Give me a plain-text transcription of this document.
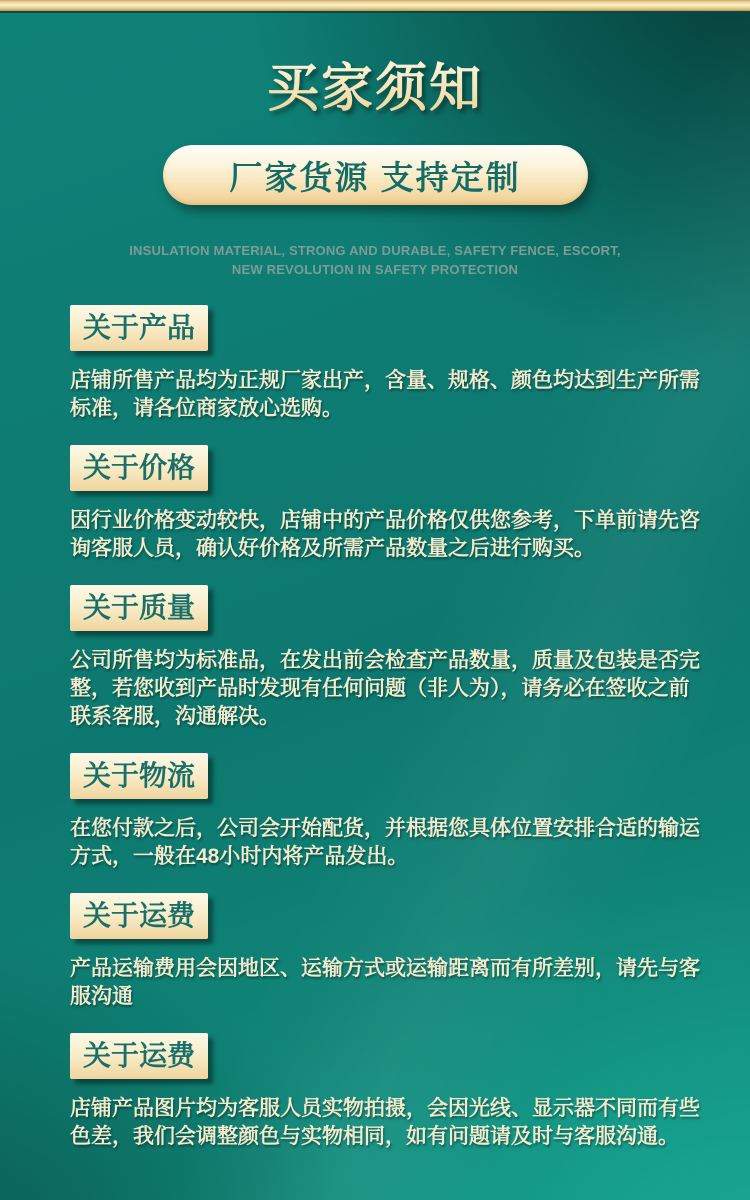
买家须知
厂家货源 支持定制
INSULATION MATERIAL, STRONG AND DURABLE, SAFETY FENCE, ESCORT,
NEW REVOLUTION IN SAFETY PROTECTION
关于产品

店铺所售产品均为正规厂家出产，含量、规格、颜色均达到生产所需标准，请各位商家放心选购。

关于价格

因行业价格变动较快，店铺中的产品价格仅供您参考，下单前请先咨询客服人员，确认好价格及所需产品数量之后进行购买。

关于质量

公司所售均为标准品，在发出前会检查产品数量，质量及包装是否完整，若您收到产品时发现有任何问题（非人为），请务必在签收之前联系客服，沟通解决。

关于物流

在您付款之后，公司会开始配货，并根据您具体位置安排合适的输运方式，一般在48小时内将产品发出。

关于运费

产品运输费用会因地区、运输方式或运输距离而有所差别，请先与客服沟通

关于运费

店铺产品图片均为客服人员实物拍摄，会因光线、显示器不同而有些色差，我们会调整颜色与实物相同，如有问题请及时与客服沟通。
